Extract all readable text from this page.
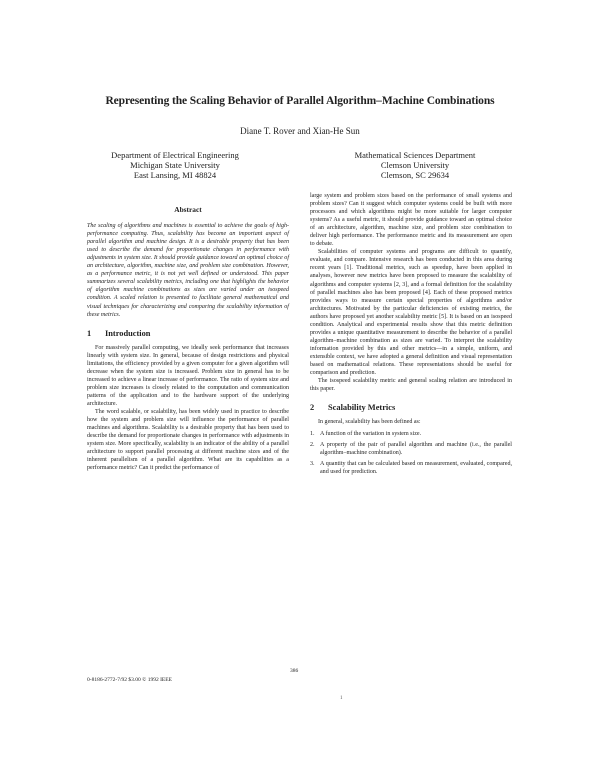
Representing the Scaling Behavior of Parallel Algorithm–Machine Combinations
Diane T. Rover and Xian-He Sun
Department of Electrical Engineering
Michigan State University
East Lansing, MI 48824
Mathematical Sciences Department
Clemson University
Clemson, SC 29634
Abstract

The scaling of algorithms and machines is essential to achieve the goals of high-performance computing. Thus, scalability has become an important aspect of parallel algorithm and machine design. It is a desirable property that has been used to describe the demand for proportionate changes in performance with adjustments in system size. It should provide guidance toward an optimal choice of an architecture, algorithm, machine size, and problem size combination. However, as a performance metric, it is not yet well defined or understood. This paper summarizes several scalability metrics, including one that highlights the behavior of algorithm machine combinations as sizes are varied under an isospeed condition. A scaled relation is presented to facilitate general mathematical and visual techniques for characterizing and comparing the scalability information of these metrics.

1	Introduction

For massively parallel computing, we ideally seek performance that increases linearly with system size. In general, because of design restrictions and physical limitations, the efficiency provided by a given computer for a given algorithm will decrease when the system size is increased. Problem size in general has to be increased to achieve a linear increase of performance. The ratio of system size and problem size increases is closely related to the computation and communication patterns of the application and to the hardware support of the underlying architecture.

The word scalable, or scalability, has been widely used in practice to describe how the system and problem size will influence the performance of parallel machines and algorithms. Scalability is a desirable property that has been used to describe the demand for proportionate changes in performance with adjustments in system size. More specifically, scalability is an indicator of the ability of a parallel architecture to support parallel processing at different machine sizes and of the inherent parallelism of a parallel algorithm. What are its capabilities as a performance metric? Can it predict the performance of

large system and problem sizes based on the performance of small systems and problem sizes? Can it suggest which computer systems could be built with more processors and which algorithms might be more suitable for larger computer systems? As a useful metric, it should provide guidance toward an optimal choice of an architecture, algorithm, machine size, and problem size combination to deliver high performance. The performance metric and its measurement are open to debate.

Scalabilities of computer systems and programs are difficult to quantify, evaluate, and compare. Intensive research has been conducted in this area during recent years [1]. Traditional metrics, such as speedup, have been applied in analyses, however new metrics have been proposed to measure the scalability of algorithms and computer systems [2, 3], and a formal definition for the scalability of parallel machines also has been proposed [4]. Each of these proposed metrics provides ways to measure certain special properties of algorithms and/or architectures. Motivated by the particular deficiencies of existing metrics, the authors have proposed yet another scalability metric [5]. It is based on an isospeed condition. Analytical and experimental results show that this metric definition provides a unique quantitative measurement to describe the behavior of a parallel algorithm–machine combination as sizes are varied. To interpret the scalability information provided by this and other metrics—in a simple, uniform, and extensible context, we have adopted a general definition and visual representation based on mathematical relations. These representations should be useful for comparison and prediction.

The isospeed scalability metric and general scaling relation are introduced in this paper.

2	Scalability Metrics

In general, scalability has been defined as:

1. A function of the variation in system size.
2. A property of the pair of parallel algorithm and machine (i.e., the parallel algorithm–machine combination).
3. A quantity that can be calculated based on measurement, evaluated, compared, and used for prediction.
386
0-8186-2772-7/92 $3.00 © 1992 IEEE
1
